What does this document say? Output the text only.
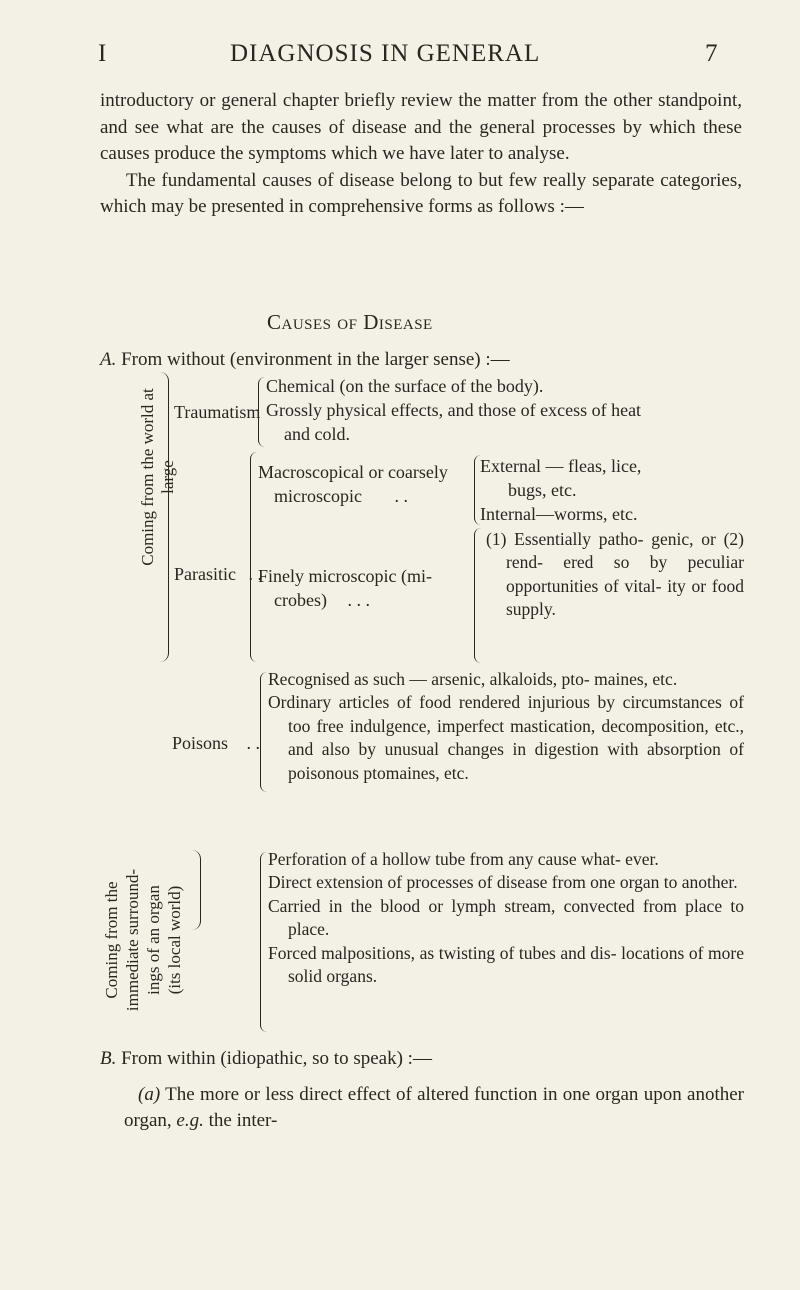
I	DIAGNOSIS IN GENERAL	7

introductory or general chapter briefly review the matter from the other standpoint, and see what are the causes of disease and the general processes by which these causes produce the symptoms which we have later to analyse.

The fundamental causes of disease belong to but few really separate categories, which may be presented in comprehensive forms as follows :—

Causes of Disease
A. From without (environment in the larger sense) :—
Coming from the world at large
Traumatism
Chemical (on the surface of the body).
Grossly physical effects, and those of excess of heat
and cold.
Parasitic . .
Macroscopical or coarsely
microscopic . .
External — fleas, lice,
bugs, etc.
Internal—worms, etc.
Finely microscopic (mi-
crobes) . . .

(1) Essentially patho- genic, or (2) rend- ered so by peculiar opportunities of vital- ity or food supply.

Poisons . .

Recognised as such — arsenic, alkaloids, pto- maines, etc.

Ordinary articles of food rendered injurious by circumstances of too free indulgence, imperfect mastication, decomposition, etc., and also by unusual changes in digestion with absorption of poisonous ptomaines, etc.

Coming from the immediate surround- ings of an organ (its local world)

Perforation of a hollow tube from any cause what- ever.

Direct extension of processes of disease from one organ to another.

Carried in the blood or lymph stream, convected from place to place.

Forced malpositions, as twisting of tubes and dis- locations of more solid organs.

B. From within (idiopathic, so to speak) :—
(a) The more or less direct effect of altered function in one organ upon another organ, e.g. the inter-
